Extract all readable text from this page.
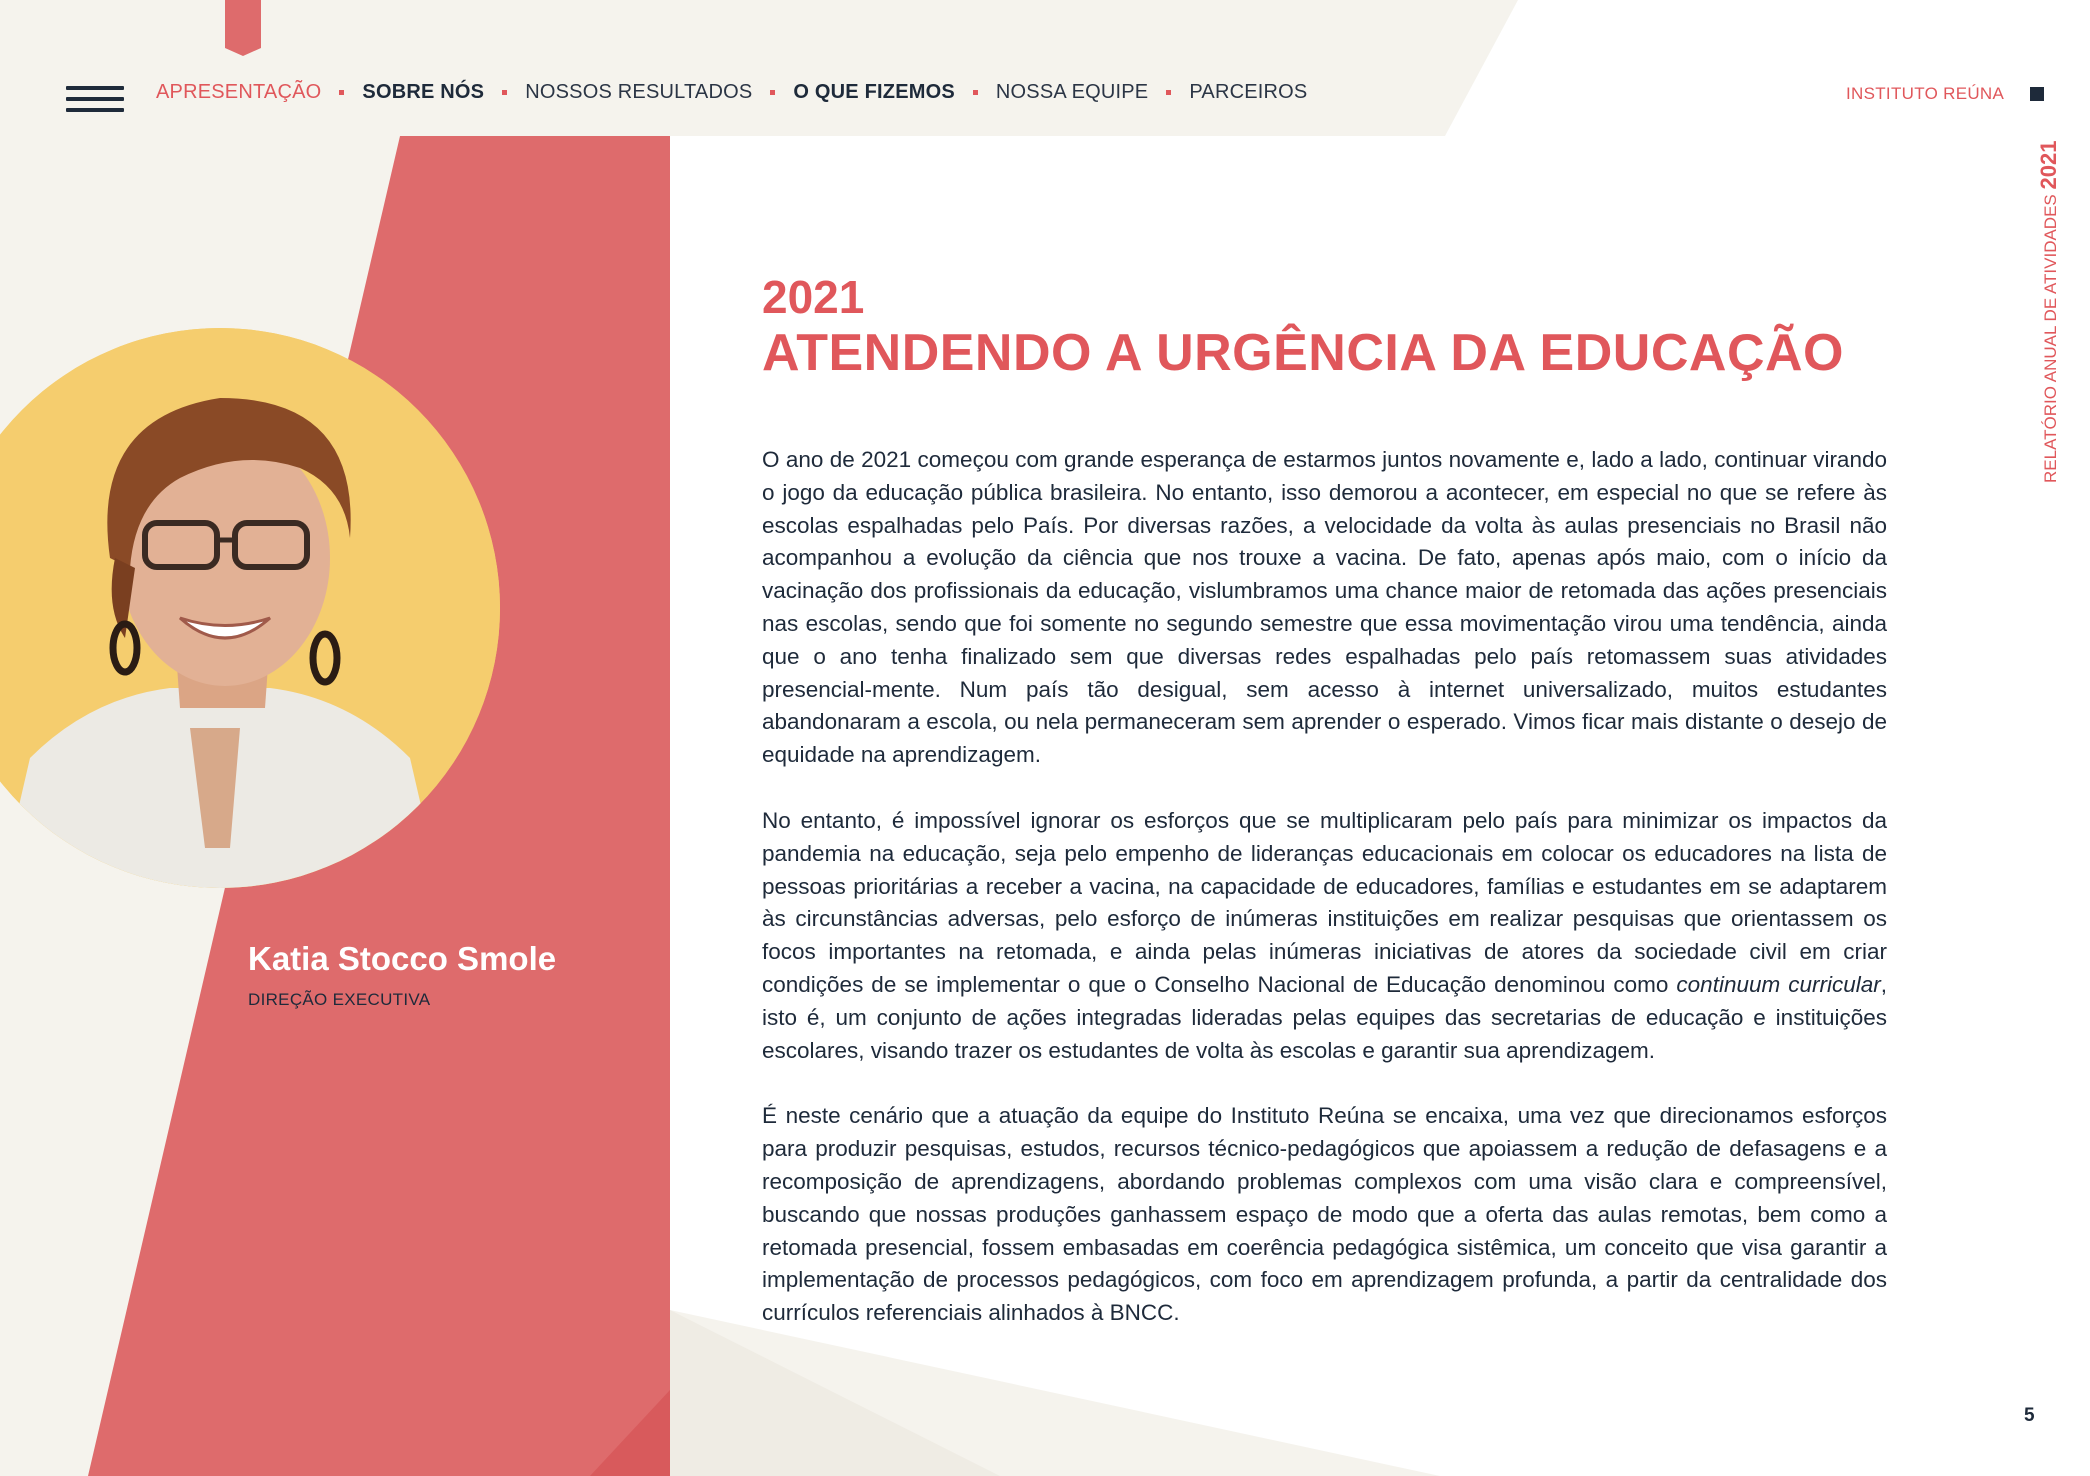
APRESENTAÇÃO SOBRE NÓS NOSSOS RESULTADOS O QUE FIZEMOS NOSSA EQUIPE PARCEIROS	INSTITUTO REÚNA
RELATÓRIO ANUAL DE ATIVIDADES 2021
Katia Stocco Smole
DIREÇÃO EXECUTIVA
2021
ATENDENDO A URGÊNCIA DA EDUCAÇÃO

O ano de 2021 começou com grande esperança de estarmos juntos novamente e, lado a lado, continuar virando o jogo da educação pública brasileira. No entanto, isso demorou a acontecer, em especial no que se refere às escolas espalhadas pelo País. Por diversas razões, a velocidade da volta às aulas presenciais no Brasil não acompanhou a evolução da ciência que nos trouxe a vacina. De fato, apenas após maio, com o início da vacinação dos profissionais da educação, vislumbramos uma chance maior de retomada das ações presenciais nas escolas, sendo que foi somente no segundo semestre que essa movimentação virou uma tendência, ainda que o ano tenha finalizado sem que diversas redes espalhadas pelo país retomassem suas atividades presencial-mente. Num país tão desigual, sem acesso à internet universalizado, muitos estudantes abandonaram a escola, ou nela permaneceram sem aprender o esperado. Vimos ficar mais distante o desejo de equidade na aprendizagem.

No entanto, é impossível ignorar os esforços que se multiplicaram pelo país para minimizar os impactos da pandemia na educação, seja pelo empenho de lideranças educacionais em colocar os educadores na lista de pessoas prioritárias a receber a vacina, na capacidade de educadores, famílias e estudantes em se adaptarem às circunstâncias adversas, pelo esforço de inúmeras instituições em realizar pesquisas que orientassem os focos importantes na retomada, e ainda pelas inúmeras iniciativas de atores da sociedade civil em criar condições de se implementar o que o Conselho Nacional de Educação denominou como continuum curricular, isto é, um conjunto de ações integradas lideradas pelas equipes das secretarias de educação e instituições escolares, visando trazer os estudantes de volta às escolas e garantir sua aprendizagem.

É neste cenário que a atuação da equipe do Instituto Reúna se encaixa, uma vez que direcionamos esforços para produzir pesquisas, estudos, recursos técnico-pedagógicos que apoiassem a redução de defasagens e a recomposição de aprendizagens, abordando problemas complexos com uma visão clara e compreensível, buscando que nossas produções ganhassem espaço de modo que a oferta das aulas remotas, bem como a retomada presencial, fossem embasadas em coerência pedagógica sistêmica, um conceito que visa garantir a implementação de processos pedagógicos, com foco em aprendizagem profunda, a partir da centralidade dos currículos referenciais alinhados à BNCC.

5
